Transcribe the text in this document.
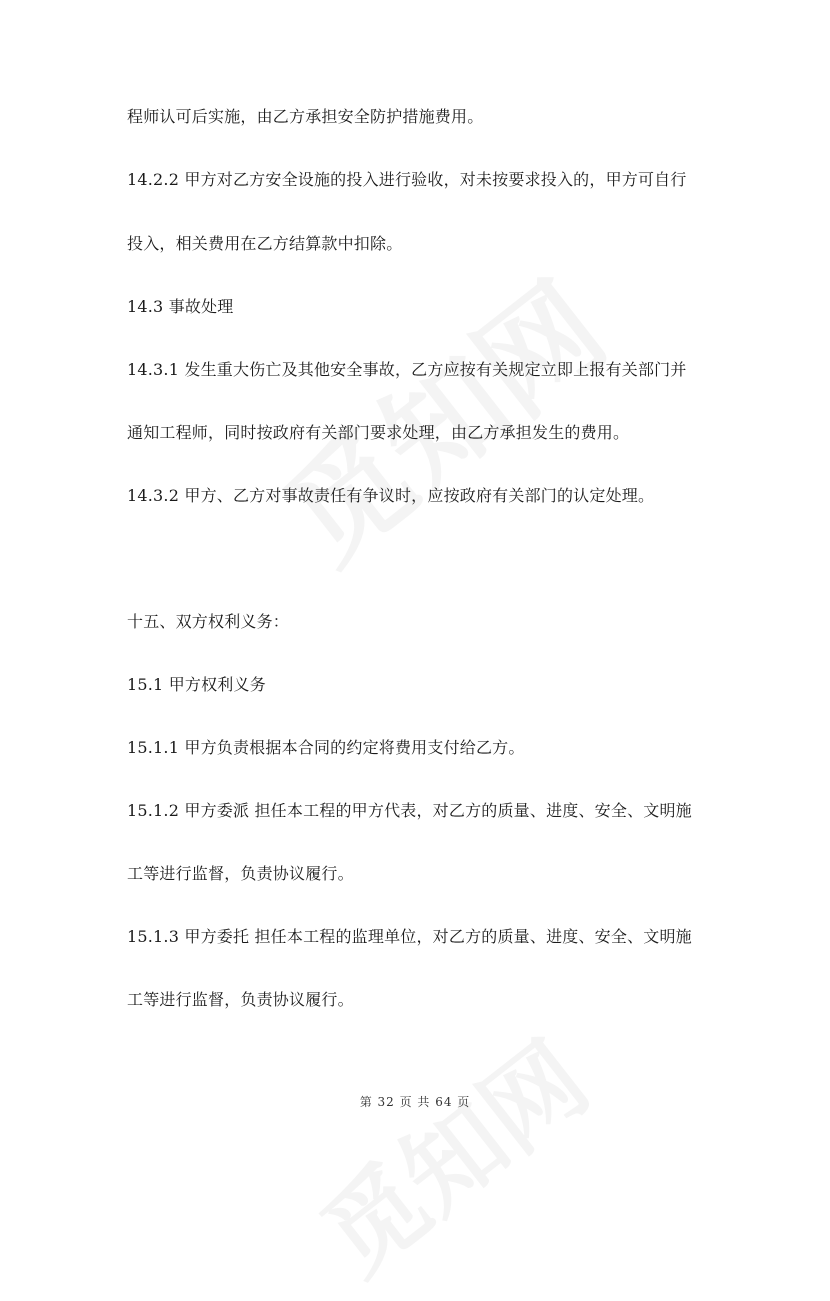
程师认可后实施，由乙方承担安全防护措施费用。
14.2.2 甲方对乙方安全设施的投入进行验收，对未按要求投入的，甲方可自行
投入，相关费用在乙方结算款中扣除。
14.3 事故处理
14.3.1 发生重大伤亡及其他安全事故，乙方应按有关规定立即上报有关部门并
通知工程师，同时按政府有关部门要求处理，由乙方承担发生的费用。
14.3.2 甲方、乙方对事故责任有争议时，应按政府有关部门的认定处理。
十五、双方权利义务：
15.1 甲方权利义务
15.1.1 甲方负责根据本合同的约定将费用支付给乙方。
15.1.2 甲方委派 担任本工程的甲方代表，对乙方的质量、进度、安全、文明施
工等进行监督，负责协议履行。
15.1.3 甲方委托 担任本工程的监理单位，对乙方的质量、进度、安全、文明施
工等进行监督，负责协议履行。
第 32 页 共 64 页
